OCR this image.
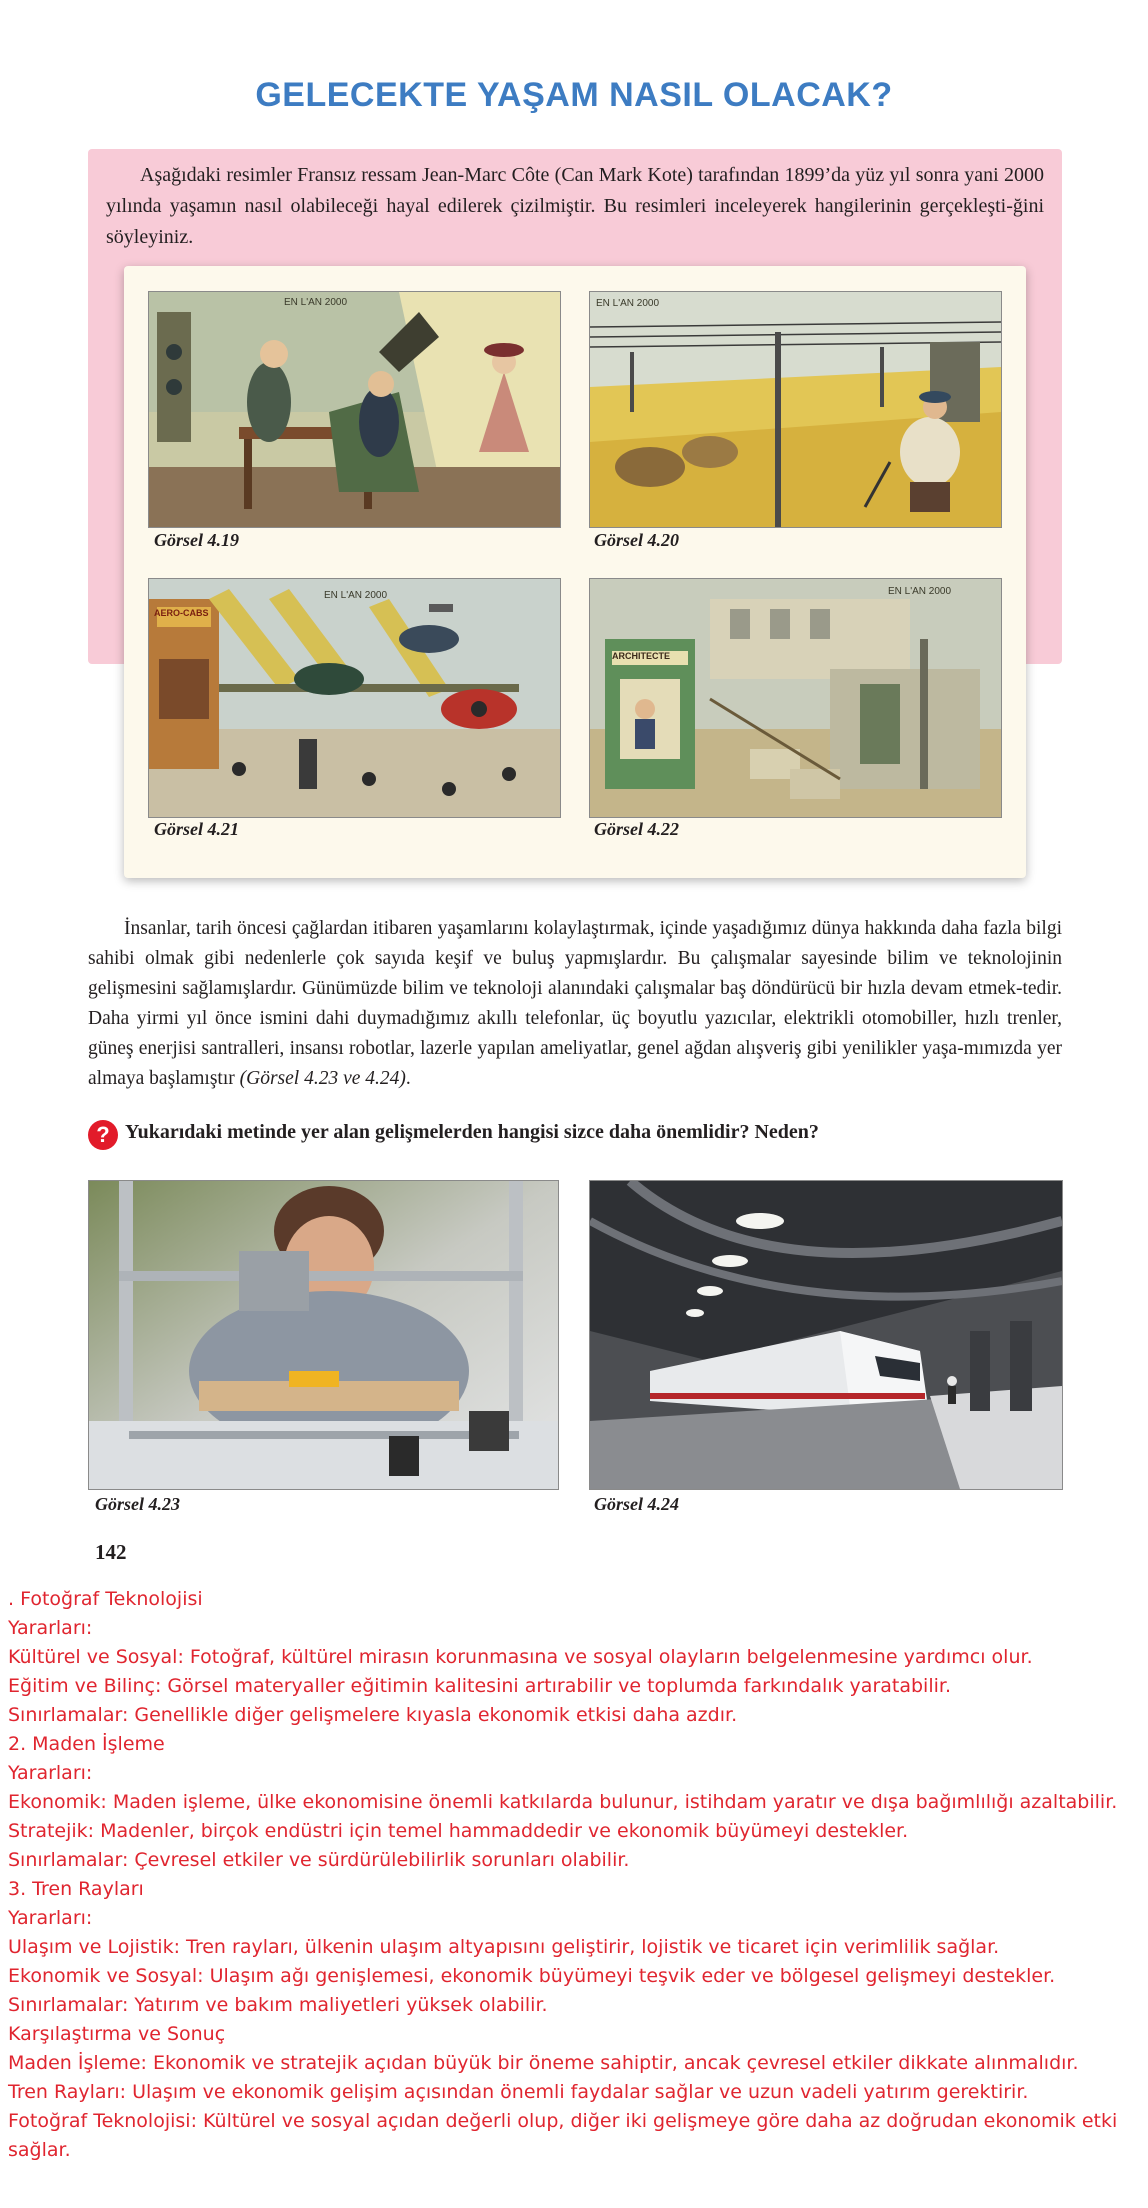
GELECEKTE YAŞAM NASIL OLACAK?

Aşağıdaki resimler Fransız ressam Jean-Marc Côte (Can Mark Kote) tarafından 1899’da yüz yıl sonra yani 2000 yılında yaşamın nasıl olabileceği hayal edilerek çizilmiştir. Bu resimleri inceleyerek hangilerinin gerçekleşti-ğini söyleyiniz.

EN L'AN 2000

Görsel 4.19

EN L'AN 2000

Görsel 4.20

AERO-CABS
EN L'AN 2000

Görsel 4.21

ARCHITECTE
EN L'AN 2000

Görsel 4.22

İnsanlar, tarih öncesi çağlardan itibaren yaşamlarını kolaylaştırmak, içinde yaşadığımız dünya hakkında daha fazla bilgi sahibi olmak gibi nedenlerle çok sayıda keşif ve buluş yapmışlardır. Bu çalışmalar sayesinde bilim ve teknolojinin gelişmesini sağlamışlardır. Günümüzde bilim ve teknoloji alanındaki çalışmalar baş döndürücü bir hızla devam etmek-tedir. Daha yirmi yıl önce ismini dahi duymadığımız akıllı telefonlar, üç boyutlu yazıcılar, elektrikli otomobiller, hızlı trenler, güneş enerjisi santralleri, insansı robotlar, lazerle yapılan ameliyatlar, genel ağdan alışveriş gibi yenilikler yaşa-mımızda yer almaya başlamıştır (Görsel 4.23 ve 4.24).

? Yukarıdaki metinde yer alan gelişmelerden hangisi sizce daha önemlidir? Neden?

Görsel 4.23	Görsel 4.24

142

. Fotoğraf Teknolojisi
Yararları:
Kültürel ve Sosyal: Fotoğraf, kültürel mirasın korunmasına ve sosyal olayların belgelenmesine yardımcı olur.
Eğitim ve Bilinç: Görsel materyaller eğitimin kalitesini artırabilir ve toplumda farkındalık yaratabilir.
Sınırlamalar: Genellikle diğer gelişmelere kıyasla ekonomik etkisi daha azdır.
2. Maden İşleme
Yararları:
Ekonomik: Maden işleme, ülke ekonomisine önemli katkılarda bulunur, istihdam yaratır ve dışa bağımlılığı azaltabilir.
Stratejik: Madenler, birçok endüstri için temel hammaddedir ve ekonomik büyümeyi destekler.
Sınırlamalar: Çevresel etkiler ve sürdürülebilirlik sorunları olabilir.
3. Tren Rayları
Yararları:
Ulaşım ve Lojistik: Tren rayları, ülkenin ulaşım altyapısını geliştirir, lojistik ve ticaret için verimlilik sağlar.
Ekonomik ve Sosyal: Ulaşım ağı genişlemesi, ekonomik büyümeyi teşvik eder ve bölgesel gelişmeyi destekler.
Sınırlamalar: Yatırım ve bakım maliyetleri yüksek olabilir.
Karşılaştırma ve Sonuç
Maden İşleme: Ekonomik ve stratejik açıdan büyük bir öneme sahiptir, ancak çevresel etkiler dikkate alınmalıdır.
Tren Rayları: Ulaşım ve ekonomik gelişim açısından önemli faydalar sağlar ve uzun vadeli yatırım gerektirir.
Fotoğraf Teknolojisi: Kültürel ve sosyal açıdan değerli olup, diğer iki gelişmeye göre daha az doğrudan ekonomik etki sağlar.
